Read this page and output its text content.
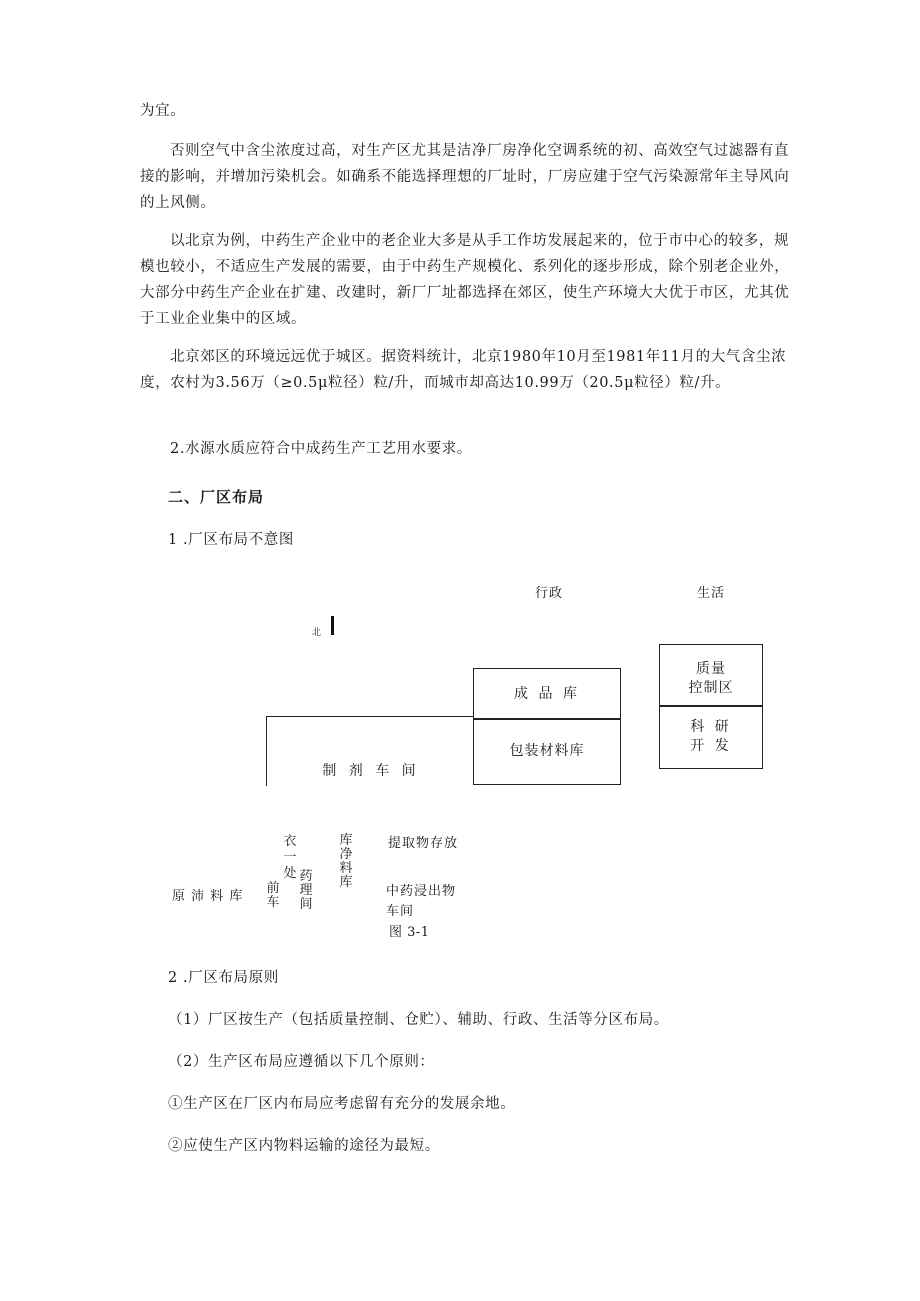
为宜。

否则空气中含尘浓度过高，对生产区尤其是洁净厂房净化空调系统的初、高效空气过滤器有直接的影响，并增加污染机会。如确系不能选择理想的厂址时，厂房应建于空气污染源常年主导风向的上风侧。

以北京为例，中药生产企业中的老企业大多是从手工作坊发展起来的，位于市中心的较多，规模也较小，不适应生产发展的需要，由于中药生产规模化、系列化的逐步形成，除个别老企业外，大部分中药生产企业在扩建、改建时，新厂厂址都选择在郊区，使生产环境大大优于市区，尤其优于工业企业集中的区域。

北京郊区的环境远远优于城区。据资料统计，北京1980年10月至1981年11月的大气含尘浓度，农村为3.56万（≥0.5μ粒径）粒/升，而城市却高达10.99万（20.5μ粒径）粒/升。

2.水源水质应符合中成药生产工艺用水要求。

二、厂区布局
1 .厂区布局不意图
行政	生活
北
成 品 库
包装材料库
质量
控制区
科 研
开 发
制 剂 车 间
衣一处
库净料库
药理间
前车
原 沛 料 库
提取物存放
中药浸出物
车间
图 3-1
2 .厂区布局原则
（1）厂区按生产（包括质量控制、仓贮）、辅助、行政、生活等分区布局。
（2）生产区布局应遵循以下几个原则：
①生产区在厂区内布局应考虑留有充分的发展余地。
②应使生产区内物料运输的途径为最短。
